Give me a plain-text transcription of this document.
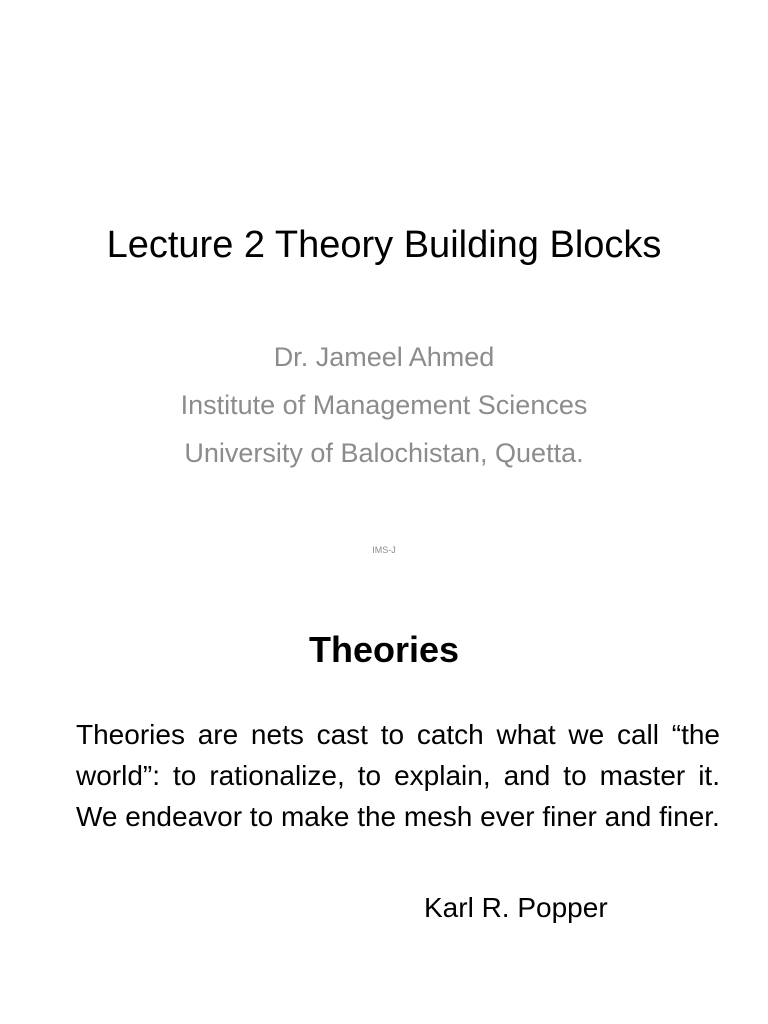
Lecture 2 Theory Building Blocks
Dr. Jameel Ahmed
Institute of Management Sciences
University of Balochistan, Quetta.
IMS-J
Theories
Theories are nets cast to catch what we call “the world”: to rationalize, to explain, and to master it. We endeavor to make the mesh ever finer and finer.
Karl R. Popper
